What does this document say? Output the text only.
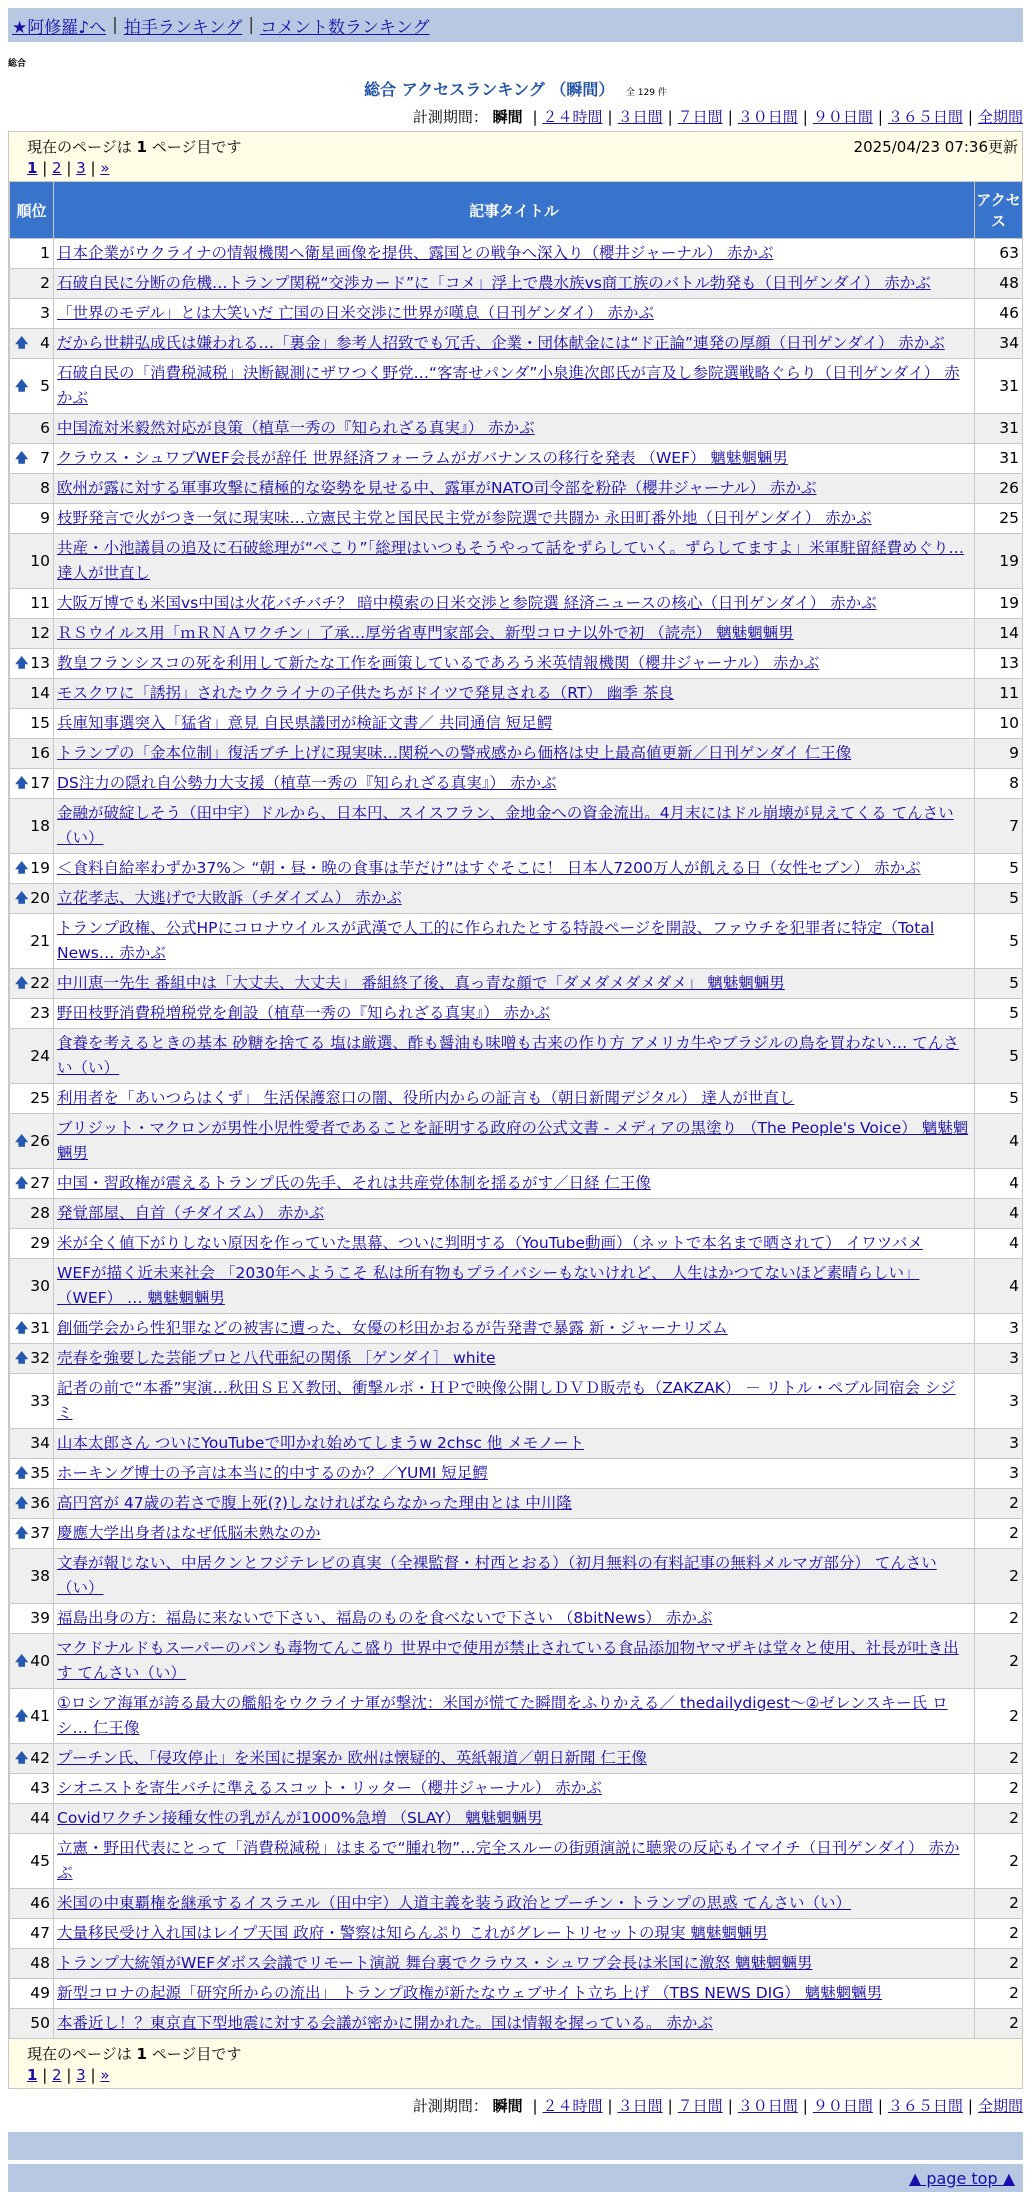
★阿修羅♪へ | 拍手ランキング | コメント数ランキング
総合
総合 アクセスランキング （瞬間） 全 129 件
計測期間： 瞬間 | ２４時間 | ３日間 | ７日間 | ３０日間 | ９０日間 | ３６５日間 | 全期間
現在のページは 1 ページ目です	2025/04/23 07:36更新
1 | 2 | 3 | »
順位	記事タイトル	アクセス
1	日本企業がウクライナの情報機関へ衛星画像を提供、露国との戦争へ深入り（櫻井ジャーナル） 赤かぶ	63
2	石破自民に分断の危機…トランプ関税“交渉カード”に「コメ」浮上で農水族vs商工族のバトル勃発も（日刊ゲンダイ） 赤かぶ	48
3	「世界のモデル」とは大笑いだ 亡国の日米交渉に世界が嘆息（日刊ゲンダイ） 赤かぶ	46

🡅 4	だから世耕弘成氏は嫌われる…「裏金」参考人招致でも冗舌、企業・団体献金には“ド正論”連発の厚顔（日刊ゲンダイ） 赤かぶ	34

🡅 5	石破自民の「消費税減税」決断観測にザワつく野党…“客寄せパンダ”小泉進次郎氏が言及し参院選戦略ぐらり（日刊ゲンダイ） 赤かぶ	31
6	中国流対米毅然対応が良策（植草一秀の『知られざる真実』） 赤かぶ	31

🡅 7	クラウス・シュワブWEF会長が辞任 世界経済フォーラムがガバナンスの移行を発表 （WEF） 魑魅魍魎男	31
8	欧州が露に対する軍事攻撃に積極的な姿勢を見せる中、露軍がNATO司令部を粉砕（櫻井ジャーナル） 赤かぶ	26
9	枝野発言で火がつき一気に現実味…立憲民主党と国民民主党が参院選で共闘か 永田町番外地（日刊ゲンダイ） 赤かぶ	25
10	共産・小池議員の追及に石破総理が“ぺこり”「総理はいつもそうやって話をずらしていく。ずらしてますよ」米軍駐留経費めぐり… 達人が世直し	19
11	大阪万博でも米国vs中国は火花バチバチ？ 暗中模索の日米交渉と参院選 経済ニュースの核心（日刊ゲンダイ） 赤かぶ	19
12	ＲＳウイルス用「ｍＲＮＡワクチン」了承…厚労省専門家部会、新型コロナ以外で初 （読売） 魑魅魍魎男	14

🡅 13	教皇フランシスコの死を利用して新たな工作を画策しているであろう米英情報機関（櫻井ジャーナル） 赤かぶ	13
14	モスクワに「誘拐」されたウクライナの子供たちがドイツで発見される（RT） 幽季 茶良	11
15	兵庫知事選突入「猛省」意見 自民県議団が検証文書／ 共同通信 短足鰐	10
16	トランプの「金本位制」復活ブチ上げに現実味…関税への警戒感から価格は史上最高値更新／日刊ゲンダイ 仁王像	9

🡅 17	DS注力の隠れ自公勢力大支援（植草一秀の『知られざる真実』） 赤かぶ	8
18	金融が破綻しそう（田中宇）ドルから、日本円、スイスフラン、金地金への資金流出。4月末にはドル崩壊が見えてくる てんさい（い）	7

🡅 19	＜食料自給率わずか37%＞ “朝・昼・晩の食事は芋だけ”はすぐそこに！ 日本人7200万人が飢える日（女性セブン） 赤かぶ	5

🡅 20	立花孝志、大逃げで大敗訴（チダイズム） 赤かぶ	5
21	トランプ政権、公式HPにコロナウイルスが武漢で人工的に作られたとする特設ページを開設、ファウチを犯罪者に特定（Total News… 赤かぶ	5

🡅 22	中川恵一先生 番組中は「大丈夫、大丈夫」 番組終了後、真っ青な顔で「ダメダメダメダメ」 魑魅魍魎男	5
23	野田枝野消費税増税党を創設（植草一秀の『知られざる真実』） 赤かぶ	5
24	食養を考えるときの基本 砂糖を捨てる 塩は厳選、酢も醤油も味噌も古来の作り方 アメリカ牛やブラジルの鳥を買わない… てんさい（い）	5
25	利用者を「あいつらはくず」 生活保護窓口の闇、役所内からの証言も（朝日新聞デジタル） 達人が世直し	5

🡅 26	ブリジット・マクロンが男性小児性愛者であることを証明する政府の公式文書 - メディアの黒塗り （The People's Voice） 魑魅魍魎男	4

🡅 27	中国・習政権が震えるトランプ氏の先手、それは共産党体制を揺るがす／日経 仁王像	4
28	発覚部屋、自首（チダイズム） 赤かぶ	4
29	米が全く値下がりしない原因を作っていた黒幕、ついに判明する（YouTube動画）（ネットで本名まで晒されて） イワツバメ	4
30	WEFが描く近未来社会 「2030年へようこそ 私は所有物もプライバシーもないけれど、 人生はかつてないほど素晴らしい」 （WEF） … 魑魅魍魎男	4

🡅 31	創価学会から性犯罪などの被害に遭った、女優の杉田かおるが告発書で暴露 新・ジャーナリズム	3

🡅 32	売春を強要した芸能プロと八代亜紀の関係 ［ゲンダイ］ white	3
33	記者の前で“本番”実演…秋田ＳＥＸ教団、衝撃ルポ・ＨＰで映像公開しＤＶＤ販売も（ZAKZAK） － リトル・ペブル同宿会 シジミ	3
34	山本太郎さん ついにYouTubeで叩かれ始めてしまうw 2chsc 他 メモノート	3

🡅 35	ホーキング博士の予言は本当に的中するのか？／YUMI 短足鰐	3

🡅 36	高円宮が 47歳の若さで腹上死(?)しなければならなかった理由とは 中川隆	2

🡅 37	慶應大学出身者はなぜ低脳未熟なのか	2
38	文春が報じない、中居クンとフジテレビの真実（全裸監督・村西とおる）（初月無料の有料記事の無料メルマガ部分） てんさい（い）	2
39	福島出身の方：福島に来ないで下さい、福島のものを食べないで下さい （8bitNews） 赤かぶ	2

🡅 40	マクドナルドもスーパーのパンも毒物てんこ盛り 世界中で使用が禁止されている食品添加物ヤマザキは堂々と使用、社長が吐き出す てんさい（い）	2

🡅 41	①ロシア海軍が誇る最大の艦船をウクライナ軍が撃沈：米国が慌てた瞬間をふりかえる／ thedailydigest～②ゼレンスキー氏 ロシ… 仁王像	2

🡅 42	プーチン氏、「侵攻停止」を米国に提案か 欧州は懐疑的、英紙報道／朝日新聞 仁王像	2
43	シオニストを寄生バチに準えるスコット・リッター（櫻井ジャーナル） 赤かぶ	2
44	Covidワクチン接種女性の乳がんが1000%急増 （SLAY） 魑魅魍魎男	2
45	立憲・野田代表にとって「消費税減税」はまるで“腫れ物”…完全スルーの街頭演説に聴衆の反応もイマイチ（日刊ゲンダイ） 赤かぶ	2
46	米国の中東覇権を継承するイスラエル（田中宇）人道主義を装う政治とプーチン・トランプの思惑 てんさい（い）	2
47	大量移民受け入れ国はレイプ天国 政府・警察は知らんぷり これがグレートリセットの現実 魑魅魍魎男	2
48	トランプ大統領がWEFダボス会議でリモート演説 舞台裏でクラウス・シュワブ会長は米国に激怒 魑魅魍魎男	2
49	新型コロナの起源「研究所からの流出」 トランプ政権が新たなウェブサイト立ち上げ （TBS NEWS DIG） 魑魅魍魎男	2
50	本番近し！？東京直下型地震に対する会議が密かに開かれた。国は情報を握っている。 赤かぶ	2
現在のページは 1 ページ目です
1 | 2 | 3 | »
計測期間： 瞬間 | ２４時間 | ３日間 | ７日間 | ３０日間 | ９０日間 | ３６５日間 | 全期間
▲ page top ▲
